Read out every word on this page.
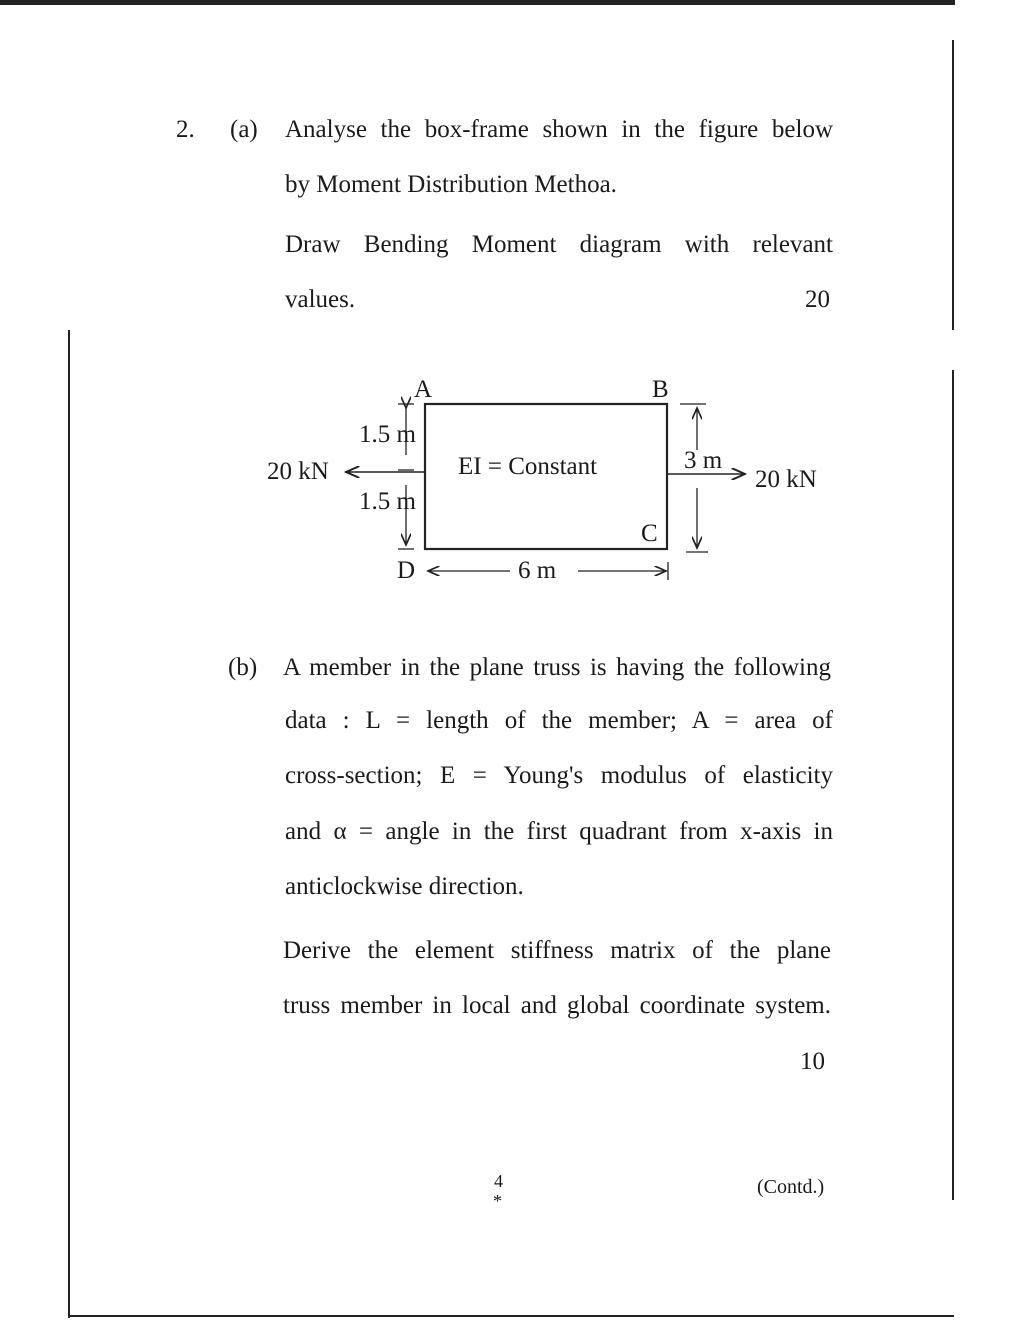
2. (a) Analyse the box-frame shown in the figure below
by Moment Distribution Methoa.
Draw Bending Moment diagram with relevant
values.	20
A	B
C
D
1.5 m
1.5 m
3 m
6 m
20 kN	20 kN
EI = Constant
(b) A member in the plane truss is having the following
data : L = length of the member; A = area of
cross-section; E = Young's modulus of elasticity
and α = angle in the first quadrant from x-axis in
anticlockwise direction.
Derive the element stiffness matrix of the plane
truss member in local and global coordinate system.
10
4
*
(Contd.)
